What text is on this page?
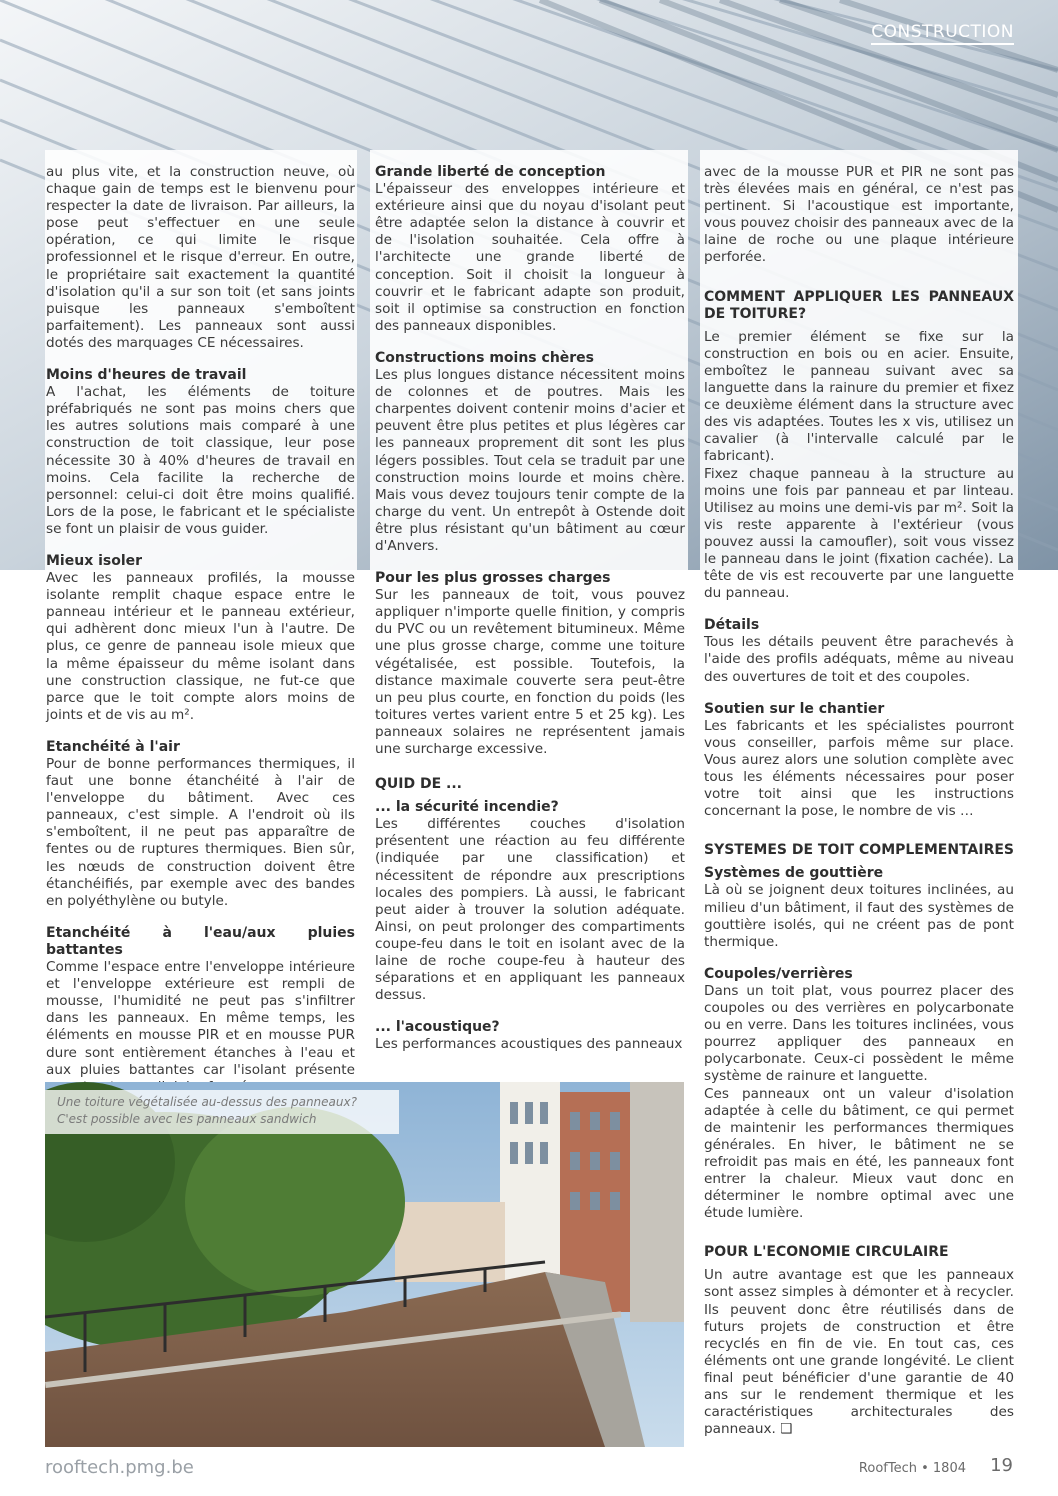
CONSTRUCTION

au plus vite, et la construction neuve, où chaque gain de temps est le bienvenu pour respecter la date de livraison. Par ailleurs, la pose peut s'effectuer en une seule opération, ce qui limite le risque professionnel et le risque d'erreur. En outre, le propriétaire sait exactement la quantité d'isolation qu'il a sur son toit (et sans joints puisque les panneaux s'emboîtent parfaitement). Les panneaux sont aussi dotés des marquages CE nécessaires.

Moins d'heures de travail

A l'achat, les éléments de toiture préfabriqués ne sont pas moins chers que les autres solutions mais comparé à une construction de toit classique, leur pose nécessite 30 à 40% d'heures de travail en moins. Cela facilite la recherche de personnel: celui-ci doit être moins qualifié. Lors de la pose, le fabricant et le spécialiste se font un plaisir de vous guider.

Mieux isoler

Avec les panneaux profilés, la mousse isolante remplit chaque espace entre le panneau intérieur et le panneau extérieur, qui adhèrent donc mieux l'un à l'autre. De plus, ce genre de panneau isole mieux que la même épaisseur du même isolant dans une construction classique, ne fut-ce que parce que le toit compte alors moins de joints et de vis au m².

Etanchéité à l'air

Pour de bonne performances thermiques, il faut une bonne étanchéité à l'air de l'enveloppe du bâtiment. Avec ces panneaux, c'est simple. A l'endroit où ils s'emboîtent, il ne peut pas apparaître de fentes ou de ruptures thermiques. Bien sûr, les nœuds de construction doivent être étanchéifiés, par exemple avec des bandes en polyéthylène ou butyle.

Etanchéité à l'eau/aux pluies battantes

Comme l'espace entre l'enveloppe intérieure et l'enveloppe extérieure est rempli de mousse, l'humidité ne peut pas s'infiltrer dans les panneaux. En même temps, les éléments en mousse PIR et en mousse PUR dure sont entièrement étanches à l'eau et aux pluies battantes car l'isolant présente

Grande liberté de conception

L'épaisseur des enveloppes intérieure et extérieure ainsi que du noyau d'isolant peut être adaptée selon la distance à couvrir et de l'isolation souhaitée. Cela offre à l'architecte une grande liberté de conception. Soit il choisit la longueur à couvrir et le fabricant adapte son produit, soit il optimise sa construction en fonction des panneaux disponibles.

Constructions moins chères

Les plus longues distance nécessitent moins de colonnes et de poutres. Mais les charpentes doivent contenir moins d'acier et peuvent être plus petites et plus légères car les panneaux proprement dit sont les plus légers possibles. Tout cela se traduit par une construction moins lourde et moins chère. Mais vous devez toujours tenir compte de la charge du vent. Un entrepôt à Ostende doit être plus résistant qu'un bâtiment au cœur d'Anvers.

Pour les plus grosses charges

Sur les panneaux de toit, vous pouvez appliquer n'importe quelle finition, y compris du PVC ou un revêtement bitumineux. Même une plus grosse charge, comme une toiture végétalisée, est possible. Toutefois, la distance maximale couverte sera peut-être un peu plus courte, en fonction du poids (les toitures vertes varient entre 5 et 25 kg). Les panneaux solaires ne représentent jamais une surcharge excessive.

QUID DE ...
... la sécurité incendie?

Les différentes couches d'isolation présentent une réaction au feu différente (indiquée par une classification) et nécessitent de répondre aux prescriptions locales des pompiers. Là aussi, le fabricant peut aider à trouver la solution adéquate. Ainsi, on peut prolonger des compartiments coupe-feu dans le toit en isolant avec de la laine de roche coupe-feu à hauteur des séparations et en appliquant les panneaux dessus.

... l'acoustique?

Les performances acoustiques des panneaux

avec de la mousse PUR et PIR ne sont pas très élevées mais en général, ce n'est pas pertinent. Si l'acoustique est importante, vous pouvez choisir des panneaux avec de la laine de roche ou une plaque intérieure perforée.

COMMENT APPLIQUER LES PANNEAUX DE TOITURE?

Le premier élément se fixe sur la construction en bois ou en acier. Ensuite, emboîtez le panneau suivant avec sa languette dans la rainure du premier et fixez ce deuxième élément dans la structure avec des vis adaptées. Toutes les x vis, utilisez un cavalier (à l'intervalle calculé par le fabricant).

Fixez chaque panneau à la structure au moins une fois par panneau et par linteau. Utilisez au moins une demi-vis par m². Soit la vis reste apparente à l'extérieur (vous pouvez aussi la camoufler), soit vous vissez le panneau dans le joint (fixation cachée). La tête de vis est recouverte par une languette du panneau.

Détails

Tous les détails peuvent être parachevés à l'aide des profils adéquats, même au niveau des ouvertures de toit et des coupoles.

Soutien sur le chantier

Les fabricants et les spécialistes pourront vous conseiller, parfois même sur place. Vous aurez alors une solution complète avec tous les éléments nécessaires pour poser votre toit ainsi que les instructions concernant la pose, le nombre de vis …

SYSTEMES DE TOIT COMPLEMENTAIRES
Systèmes de gouttière

Là où se joignent deux toitures inclinées, au milieu d'un bâtiment, il faut des systèmes de gouttière isolés, qui ne créent pas de pont thermique.

Coupoles/verrières

Dans un toit plat, vous pourrez placer des coupoles ou des verrières en polycarbonate ou en verre. Dans les toitures inclinées, vous pourrez appliquer des panneaux en polycarbonate. Ceux-ci possèdent le même système de rainure et languette.

Ces panneaux ont un valeur d'isolation adaptée à celle du bâtiment, ce qui permet de maintenir les performances thermiques générales. En hiver, le bâtiment ne se refroidit pas mais en été, les panneaux font entrer la chaleur. Mieux vaut donc en déterminer le nombre optimal avec une étude lumière.

POUR L'ECONOMIE CIRCULAIRE

Un autre avantage est que les panneaux sont assez simples à démonter et à recycler. Ils peuvent donc être réutilisés dans de futurs projets de construction et être recyclés en fin de vie. En tout cas, ces éléments ont une grande longévité. Le client final peut bénéficier d'une garantie de 40 ans sur le rendement thermique et les caractéristiques architecturales des panneaux. ❑

Une toiture végétalisée au-dessus des panneaux? C'est possible avec les panneaux sandwich
rooftech.pmg.be	RoofTech • 1804 19
